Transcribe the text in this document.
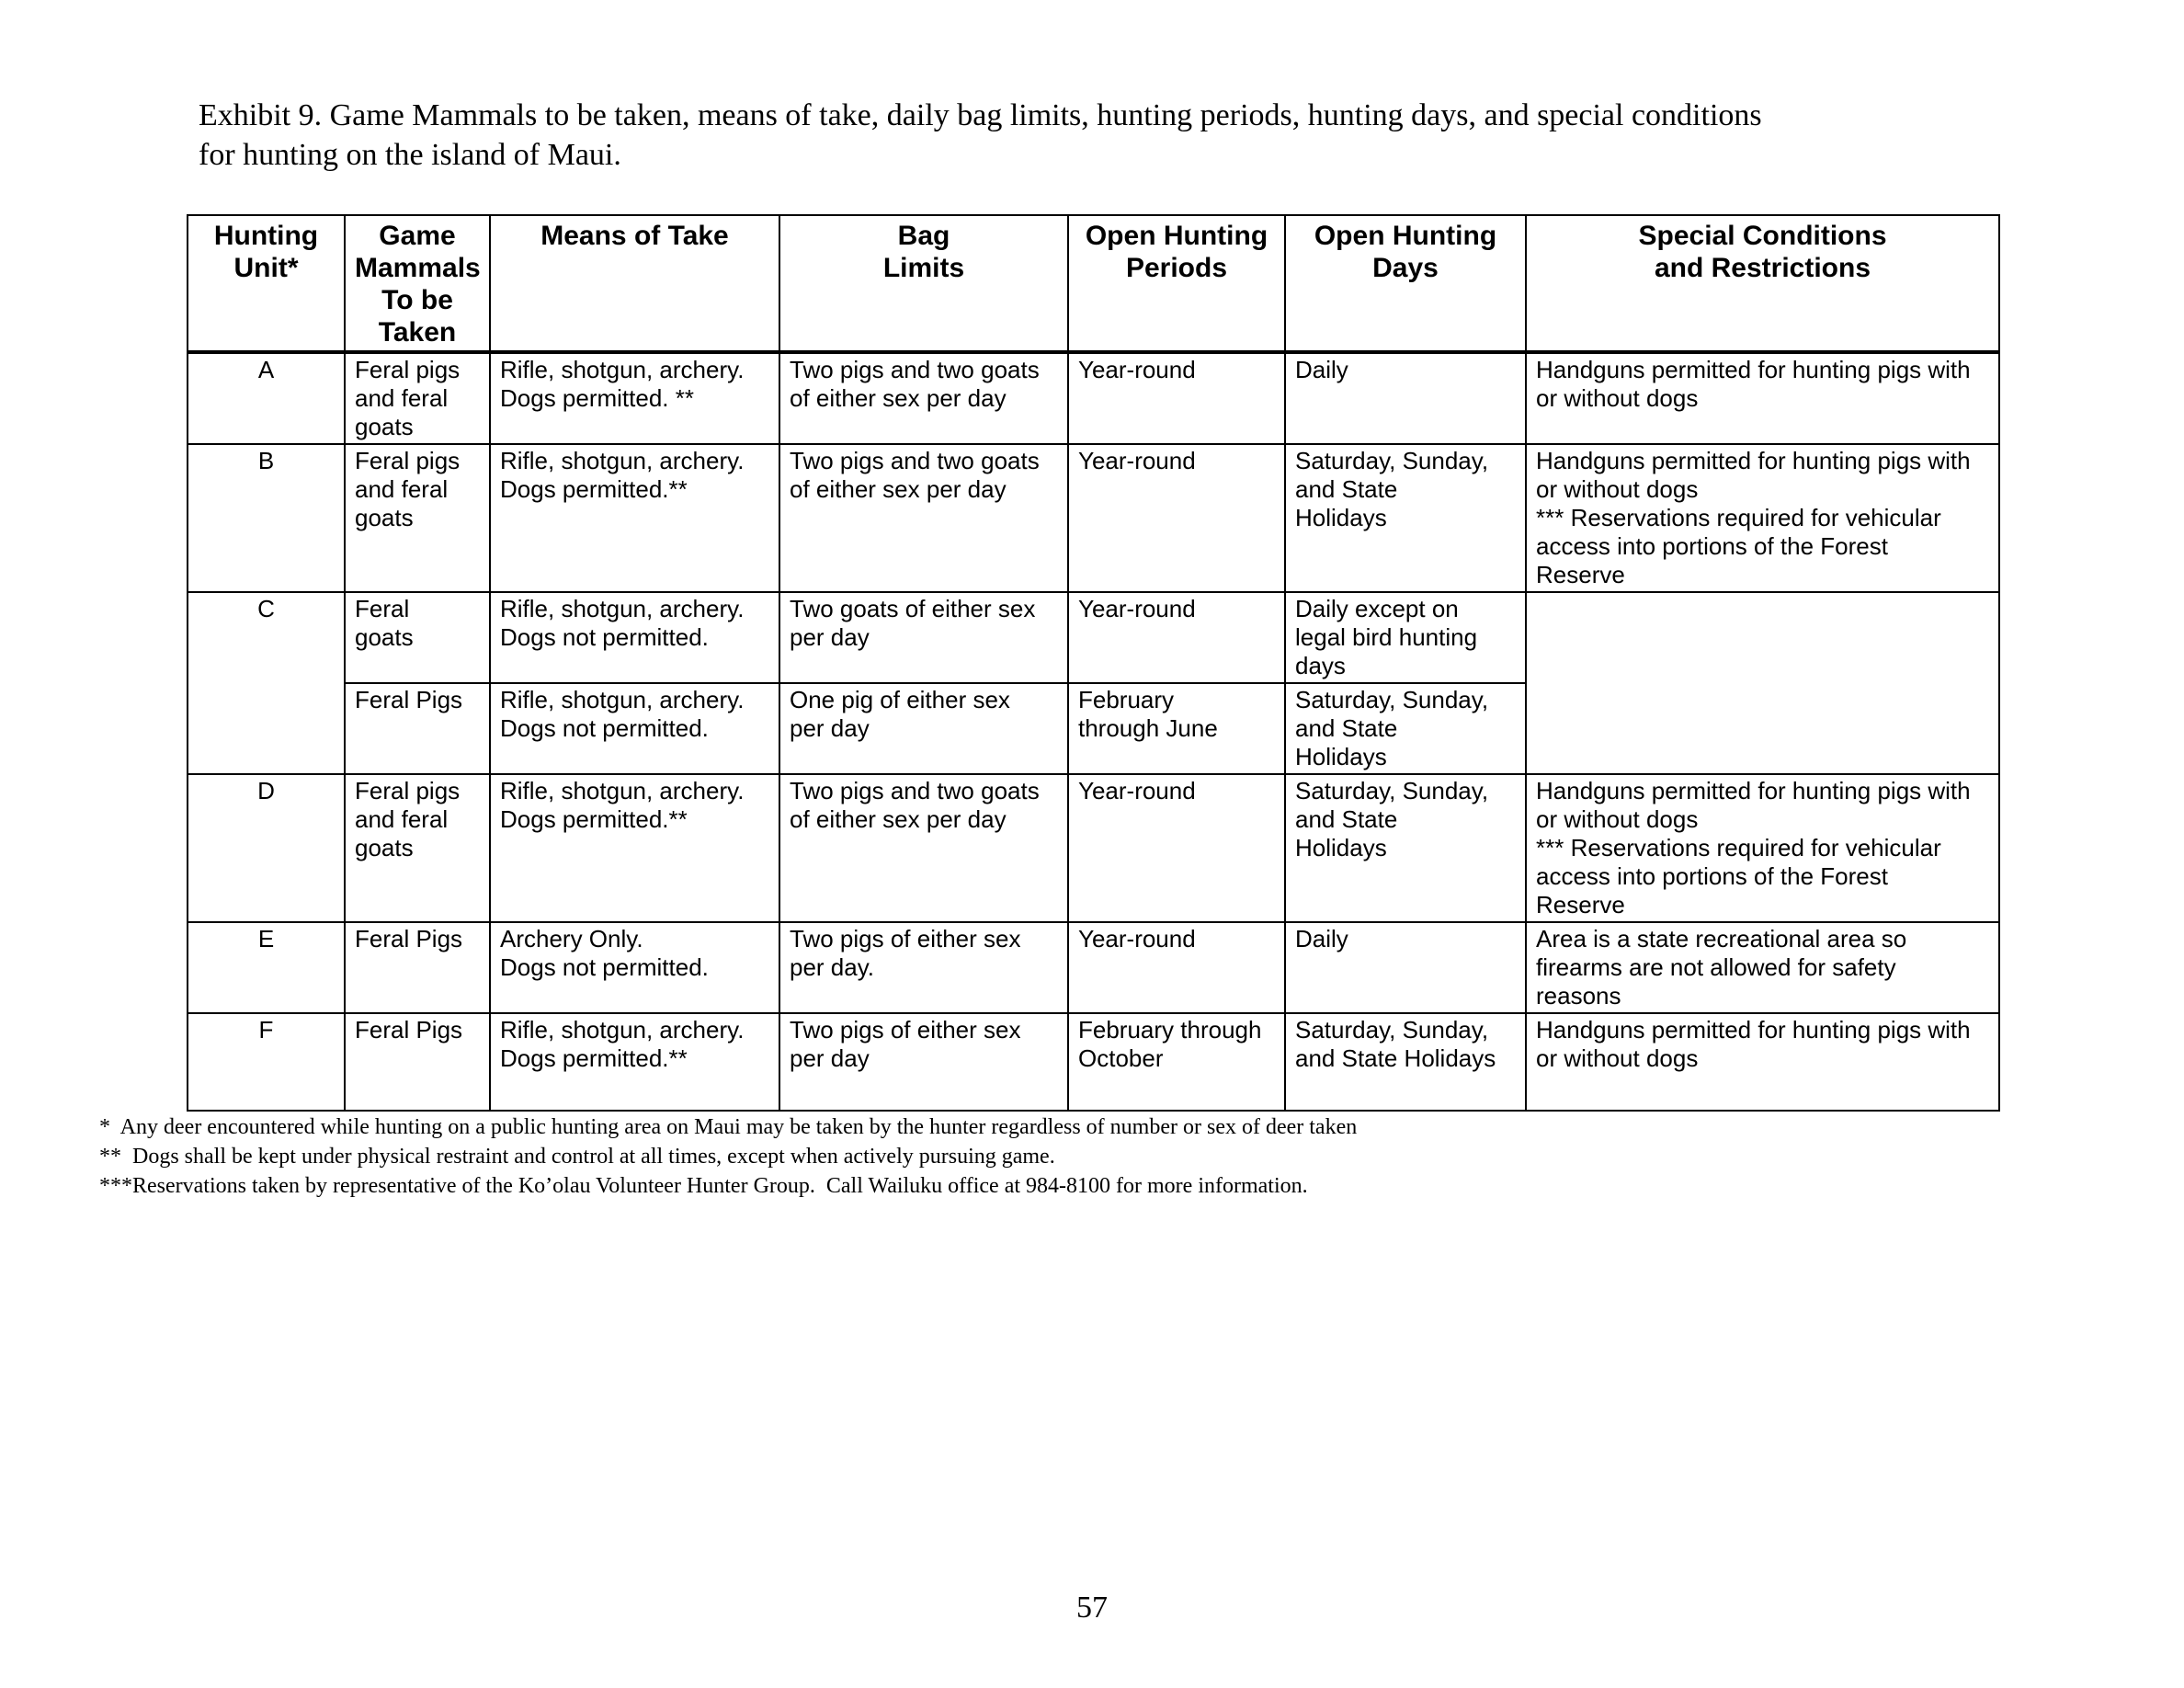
Exhibit 9. Game Mammals to be taken, means of take, daily bag limits, hunting periods, hunting days, and special conditions
for hunting on the island of Maui.
Hunting
Unit*	Game
Mammals
To be
Taken	Means of Take	Bag
Limits	Open Hunting
Periods	Open Hunting
Days	Special Conditions
and Restrictions
A	Feral pigs
and feral
goats	Rifle, shotgun, archery.
Dogs permitted. **	Two pigs and two goats
of either sex per day	Year-round	Daily	Handguns permitted for hunting pigs with
or without dogs
B	Feral pigs
and feral
goats	Rifle, shotgun, archery.
Dogs permitted.**	Two pigs and two goats
of either sex per day	Year-round	Saturday, Sunday,
and State
Holidays	Handguns permitted for hunting pigs with
or without dogs
*** Reservations required for vehicular
access into portions of the Forest
Reserve
C	Feral
goats	Rifle, shotgun, archery.
Dogs not permitted.	Two goats of either sex
per day	Year-round	Daily except on
legal bird hunting
days	
	Feral Pigs	Rifle, shotgun, archery.
Dogs not permitted.	One pig of either sex
per day	February
through June	Saturday, Sunday,
and State
Holidays	
D	Feral pigs
and feral
goats	Rifle, shotgun, archery.
Dogs permitted.**	Two pigs and two goats
of either sex per day	Year-round	Saturday, Sunday,
and State
Holidays	Handguns permitted for hunting pigs with
or without dogs
*** Reservations required for vehicular
access into portions of the Forest
Reserve
E	Feral Pigs	Archery Only.
Dogs not permitted.	Two pigs of either sex
per day.	Year-round	Daily	Area is a state recreational area so
firearms are not allowed for safety
reasons
F	Feral Pigs	Rifle, shotgun, archery.
Dogs permitted.**	Two pigs of either sex
per day	February through
October	Saturday, Sunday,
and State Holidays	Handguns permitted for hunting pigs with
or without dogs
*  Any deer encountered while hunting on a public hunting area on Maui may be taken by the hunter regardless of number or sex of deer taken
**  Dogs shall be kept under physical restraint and control at all times, except when actively pursuing game.
***Reservations taken by representative of the Ko’olau Volunteer Hunter Group.  Call Wailuku office at 984-8100 for more information.
57
